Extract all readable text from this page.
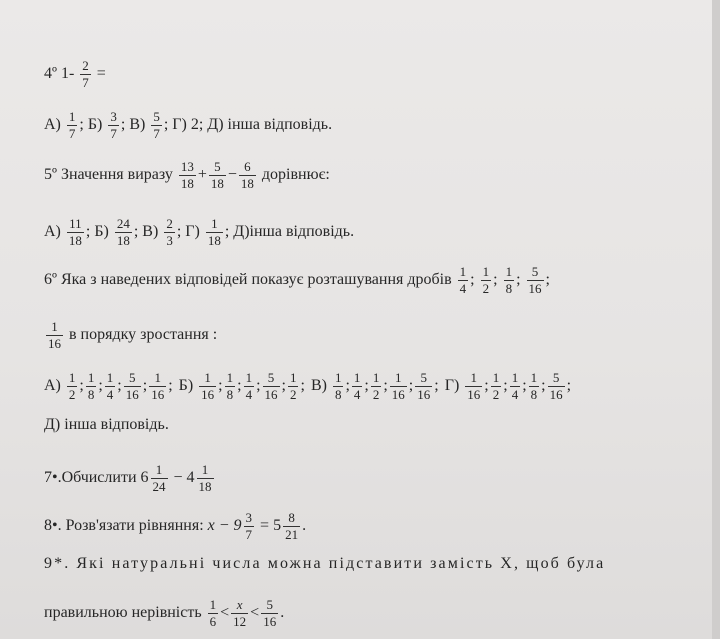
4º $1- \frac{2}{7}$ =
$А) \frac{1}{7}$ ; $Б) \frac{3}{7}$ ; $В) \frac{5}{7}$ ; Г) 2; Д) інша відповідь.
5º Значення виразу $\frac{13}{18} + \frac{5}{18} - \frac{6}{18}$ дорівнює:
$А) \frac{11}{18}$ ; $Б) \frac{24}{18}$ ; $В) \frac{2}{3}$ ; $Г) \frac{1}{18}$ ; Д)інша відповідь.
6º Яка з наведених відповідей показує розташування дробів $\frac{1}{4}$ ; $\frac{1}{2}$ ; $\frac{1}{8}$ ; $\frac{5}{16}$ ;
$\frac{1}{16}$ в порядку зростання :
$А) \frac{1}{2}$ ; $\frac{1}{8}$ ; $\frac{1}{4}$ ; $\frac{5}{16}$ ; $\frac{1}{16}$ ; $Б) \frac{1}{16}$ ; $\frac{1}{8}$ ; $\frac{1}{4}$ ; $\frac{5}{16}$ ; $\frac{1}{2}$ ; $В) \frac{1}{8}$ ; $\frac{1}{4}$ ; $\frac{1}{2}$ ; $\frac{1}{16}$ ; $\frac{5}{16}$ ; $Г) \frac{1}{16}$ ; $\frac{1}{2}$ ; $\frac{1}{4}$ ; $\frac{1}{8}$ ; $\frac{5}{16}$ ;
Д) інша відповідь.
7•.Обчислити $6 \frac{1}{24} - 4 \frac{1}{18}$
8•. Розв'язати рівняння: $x - 9 \frac{3}{7} = 5 \frac{8}{21}$ .
9*. Які натуральні числа можна підставити замість Х, щоб була
правильною нерівність $\frac{1}{6} < \frac{x}{12} < \frac{5}{16}$ .
